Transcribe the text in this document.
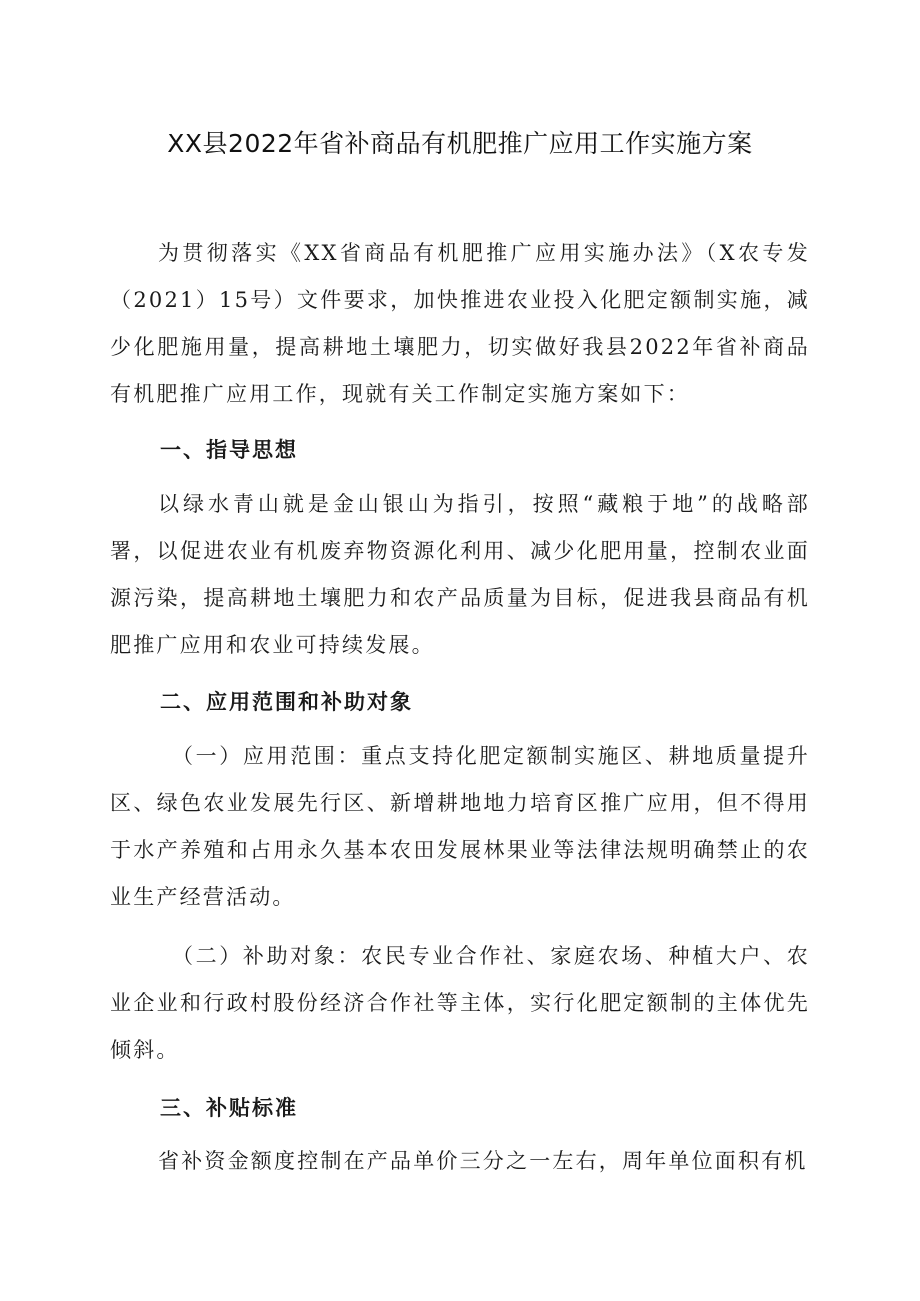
XX县2022年省补商品有机肥推广应用工作实施方案
为贯彻落实《XX省商品有机肥推广应用实施办法》（X农专发（2021）15号）文件要求，加快推进农业投入化肥定额制实施，减少化肥施用量，提高耕地土壤肥力，切实做好我县2022年省补商品有机肥推广应用工作，现就有关工作制定实施方案如下：
一、指导思想
以绿水青山就是金山银山为指引，按照“藏粮于地”的战略部署，以促进农业有机废弃物资源化利用、减少化肥用量，控制农业面源污染，提高耕地土壤肥力和农产品质量为目标，促进我县商品有机肥推广应用和农业可持续发展。
二、应用范围和补助对象
（一）应用范围：重点支持化肥定额制实施区、耕地质量提升区、绿色农业发展先行区、新增耕地地力培育区推广应用，但不得用于水产养殖和占用永久基本农田发展林果业等法律法规明确禁止的农业生产经营活动。
（二）补助对象：农民专业合作社、家庭农场、种植大户、农业企业和行政村股份经济合作社等主体，实行化肥定额制的主体优先倾斜。
三、补贴标准
省补资金额度控制在产品单价三分之一左右，周年单位面积有机
